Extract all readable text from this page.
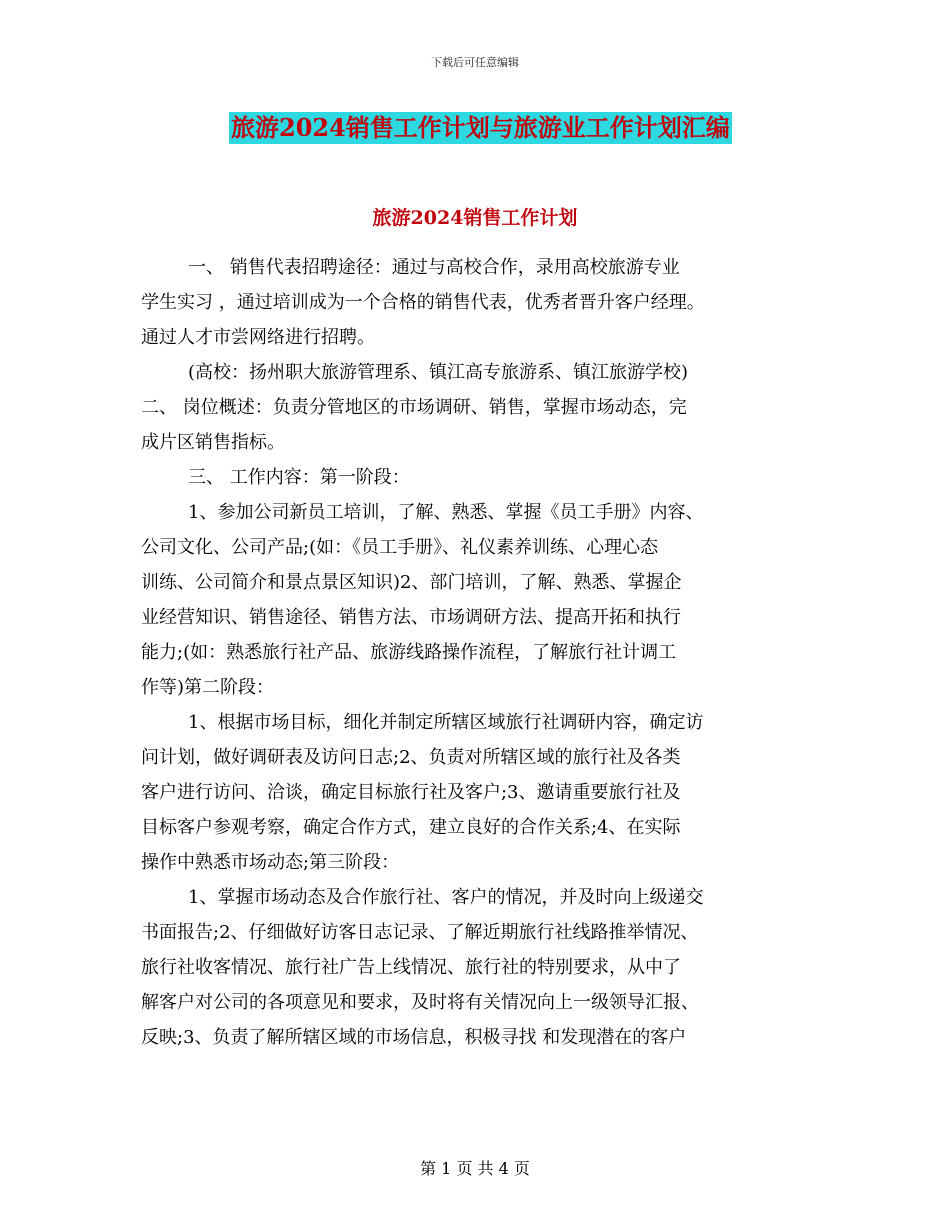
下载后可任意编辑
旅游2024销售工作计划与旅游业工作计划汇编
旅游2024销售工作计划

一、 销售代表招聘途径：通过与高校合作，录用高校旅游专业

学生实习 ，通过培训成为一个合格的销售代表，优秀者晋升客户经理。

通过人才市尝网络进行招聘。

(高校：扬州职大旅游管理系、镇江高专旅游系、镇江旅游学校)

二、 岗位概述：负责分管地区的市场调研、销售，掌握市场动态，完

成片区销售指标。

三、 工作内容：第一阶段：

1、参加公司新员工培训，了解、熟悉、掌握《员工手册》内容、

公司文化、公司产品;(如：《员工手册》、礼仪素养训练、心理心态

训练、公司简介和景点景区知识)2、部门培训，了解、熟悉、掌握企

业经营知识、销售途径、销售方法、市场调研方法、提高开拓和执行

能力;(如：熟悉旅行社产品、旅游线路操作流程，了解旅行社计调工

作等)第二阶段：

1、根据市场目标，细化并制定所辖区域旅行社调研内容，确定访

问计划，做好调研表及访问日志;2、负责对所辖区域的旅行社及各类

客户进行访问、洽谈，确定目标旅行社及客户;3、邀请重要旅行社及

目标客户参观考察，确定合作方式，建立良好的合作关系;4、在实际

操作中熟悉市场动态;第三阶段：

1、掌握市场动态及合作旅行社、客户的情况，并及时向上级递交

书面报告;2、仔细做好访客日志记录、了解近期旅行社线路推举情况、

旅行社收客情况、旅行社广告上线情况、旅行社的特别要求，从中了

解客户对公司的各项意见和要求，及时将有关情况向上一级领导汇报、

反映;3、负责了解所辖区域的市场信息，积极寻找 和发现潜在的客户

第 1 页 共 4 页
